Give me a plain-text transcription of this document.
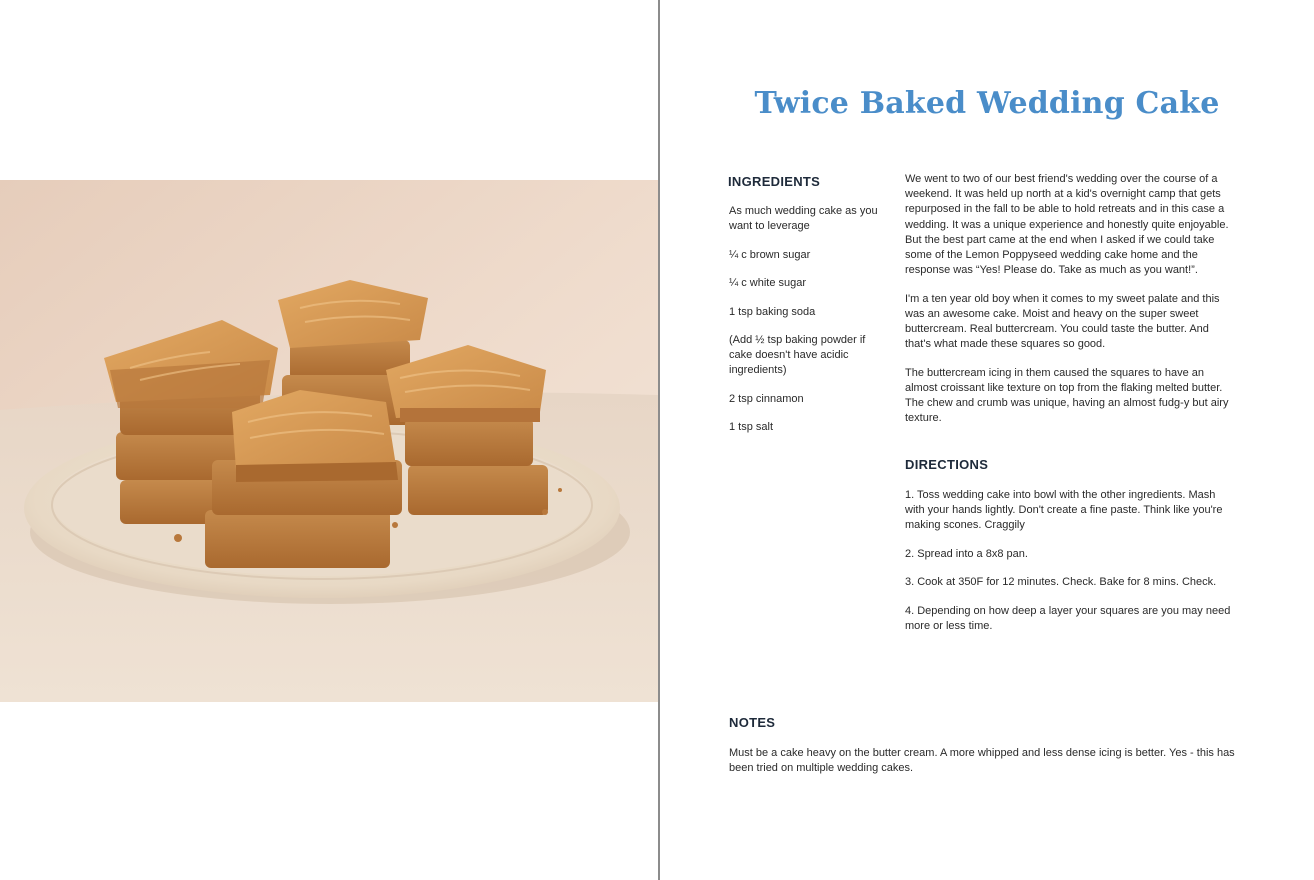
Twice Baked Wedding Cake
INGREDIENTS

As much wedding cake as you want to leverage

¼ c brown sugar

¼ c white sugar

1 tsp baking soda

(Add ½ tsp baking powder if cake doesn't have acidic ingredients)

2 tsp cinnamon

1 tsp salt

We went to two of our best friend's wedding over the course of a weekend. It was held up north at a kid's overnight camp that gets repurposed in the fall to be able to hold retreats and in this case a wedding. It was a unique experience and honestly quite enjoyable. But the best part came at the end when I asked if we could take some of the Lemon Poppyseed wedding cake home and the response was “Yes! Please do. Take as much as you want!”.

I'm a ten year old boy when it comes to my sweet palate and this was an awesome cake. Moist and heavy on the super sweet buttercream. Real buttercream. You could taste the butter. And that's what made these squares so good.

The buttercream icing in them caused the squares to have an almost croissant like texture on top from the flaking melted butter. The chew and crumb was unique, having an almost fudg-y but airy texture.

DIRECTIONS

1. Toss wedding cake into bowl with the other ingredients. Mash with your hands lightly. Don't create a fine paste. Think like you're making scones. Craggily

2. Spread into a 8x8 pan.

3. Cook at 350F for 12 minutes. Check. Bake for 8 mins. Check.

4. Depending on how deep a layer your squares are you may need more or less time.

NOTES
Must be a cake heavy on the butter cream. A more whipped and less dense icing is better. Yes - this has been tried on multiple wedding cakes.
